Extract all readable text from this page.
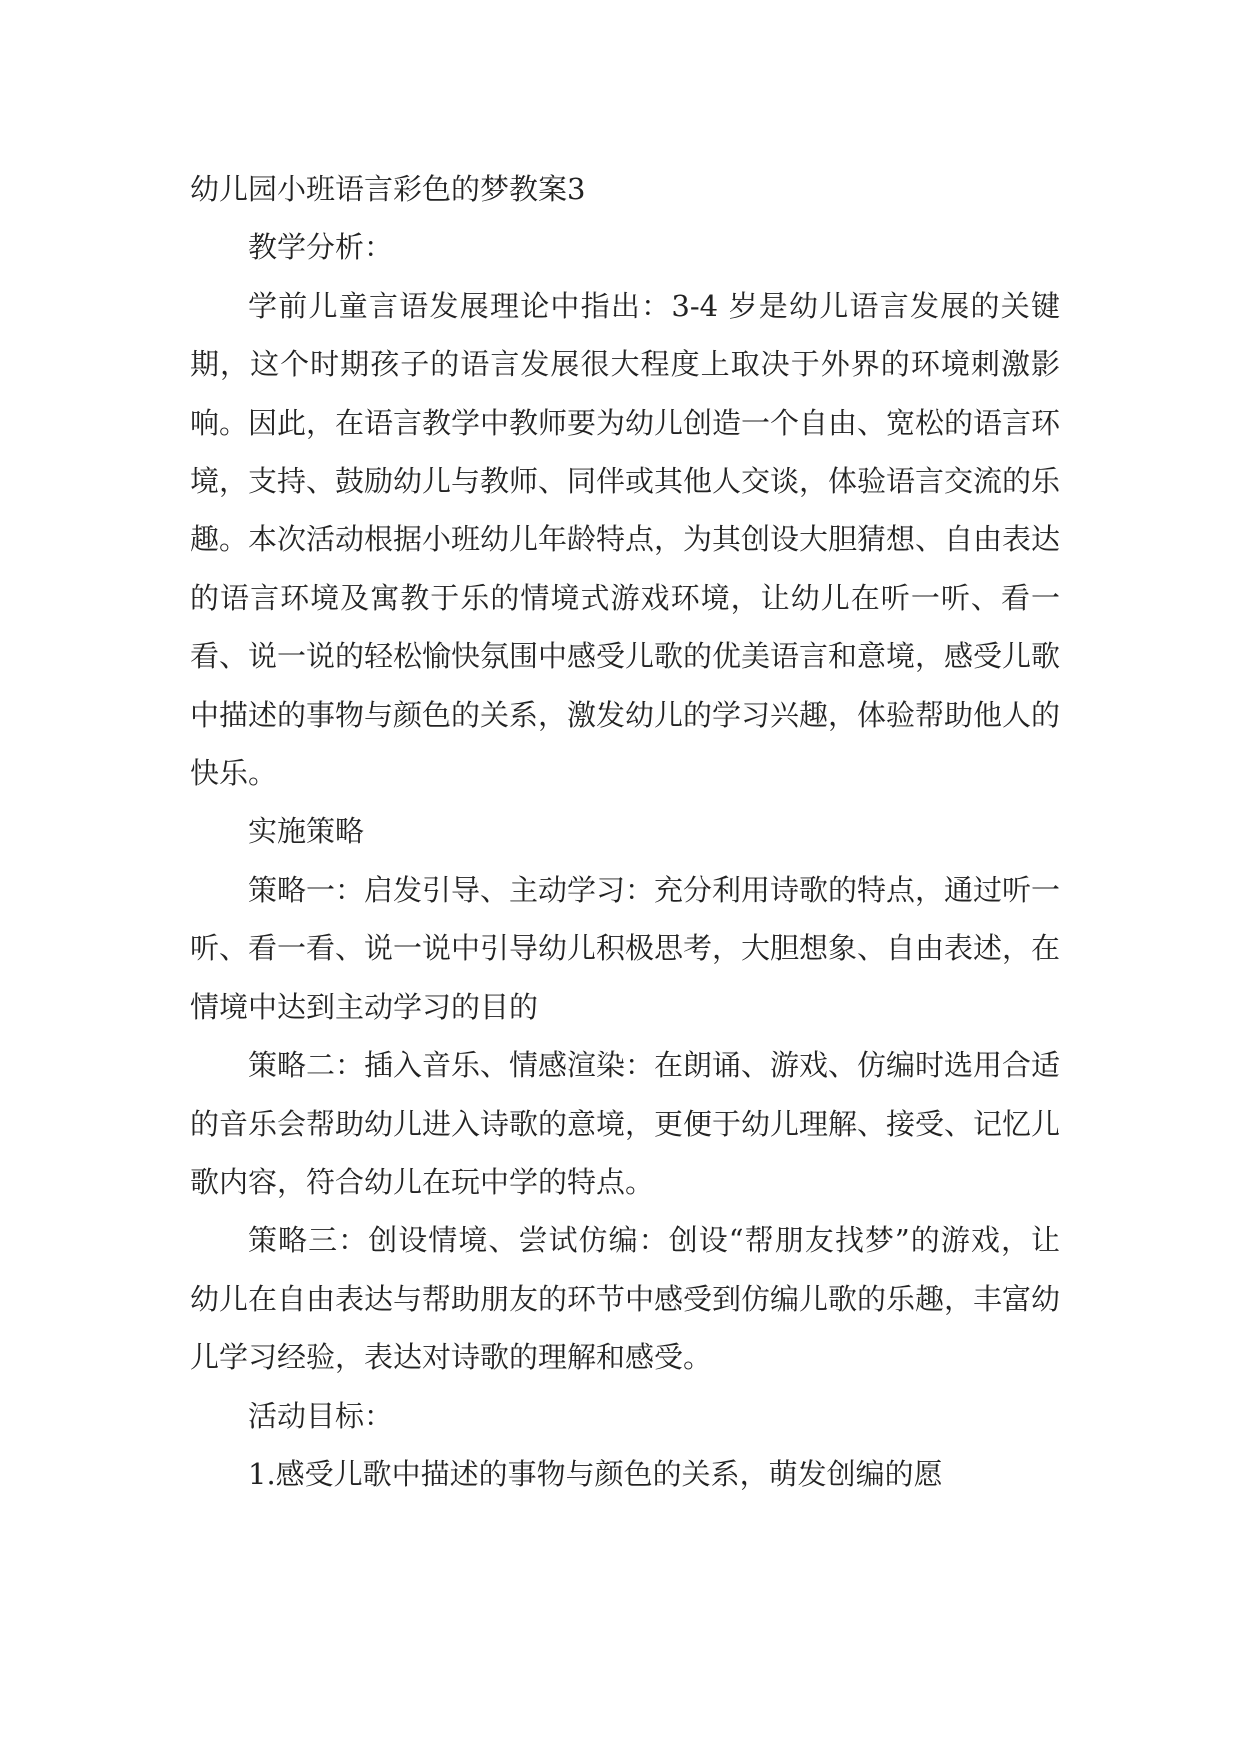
幼儿园小班语言彩色的梦教案3

教学分析：

学前儿童言语发展理论中指出：3-4 岁是幼儿语言发展的关键期，这个时期孩子的语言发展很大程度上取决于外界的环境刺激影响。因此，在语言教学中教师要为幼儿创造一个自由、宽松的语言环境，支持、鼓励幼儿与教师、同伴或其他人交谈，体验语言交流的乐趣。本次活动根据小班幼儿年龄特点，为其创设大胆猜想、自由表达的语言环境及寓教于乐的情境式游戏环境，让幼儿在听一听、看一看、说一说的轻松愉快氛围中感受儿歌的优美语言和意境，感受儿歌中描述的事物与颜色的关系，激发幼儿的学习兴趣，体验帮助他人的快乐。

实施策略

策略一：启发引导、主动学习：充分利用诗歌的特点，通过听一听、看一看、说一说中引导幼儿积极思考，大胆想象、自由表述，在情境中达到主动学习的目的

策略二：插入音乐、情感渲染：在朗诵、游戏、仿编时选用合适的音乐会帮助幼儿进入诗歌的意境，更便于幼儿理解、接受、记忆儿歌内容，符合幼儿在玩中学的特点。

策略三：创设情境、尝试仿编：创设“帮朋友找梦”的游戏，让幼儿在自由表达与帮助朋友的环节中感受到仿编儿歌的乐趣，丰富幼儿学习经验，表达对诗歌的理解和感受。

活动目标：

1.感受儿歌中描述的事物与颜色的关系，萌发创编的愿
